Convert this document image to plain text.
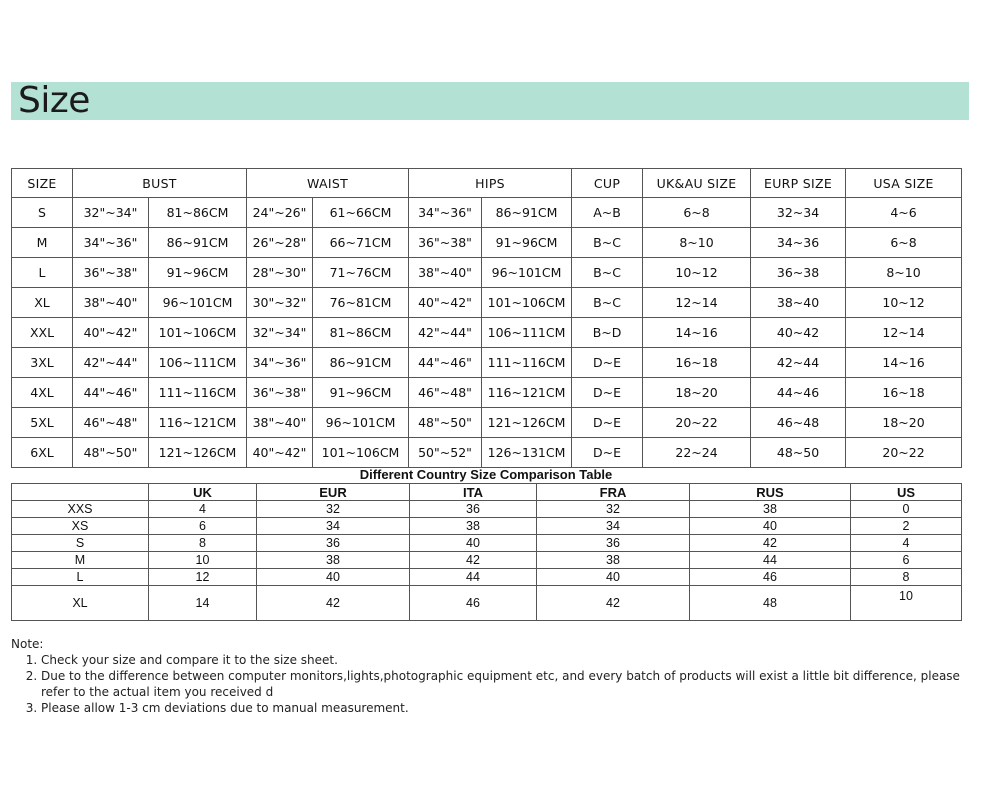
Size
SIZE	BUST		WAIST		HIPS		CUP	UK&AU SIZE	EURP SIZE	USA SIZE
S	32"~34"	81~86CM	24"~26"	61~66CM	34"~36"	86~91CM	A~B	6~8	32~34	4~6
M	34"~36"	86~91CM	26"~28"	66~71CM	36"~38"	91~96CM	B~C	8~10	34~36	6~8
L	36"~38"	91~96CM	28"~30"	71~76CM	38"~40"	96~101CM	B~C	10~12	36~38	8~10
XL	38"~40"	96~101CM	30"~32"	76~81CM	40"~42"	101~106CM	B~C	12~14	38~40	10~12
XXL	40"~42"	101~106CM	32"~34"	81~86CM	42"~44"	106~111CM	B~D	14~16	40~42	12~14
3XL	42"~44"	106~111CM	34"~36"	86~91CM	44"~46"	111~116CM	D~E	16~18	42~44	14~16
4XL	44"~46"	111~116CM	36"~38"	91~96CM	46"~48"	116~121CM	D~E	18~20	44~46	16~18
5XL	46"~48"	116~121CM	38"~40"	96~101CM	48"~50"	121~126CM	D~E	20~22	46~48	18~20
6XL	48"~50"	121~126CM	40"~42"	101~106CM	50"~52"	126~131CM	D~E	22~24	48~50	20~22
Different Country Size Comparison Table
	UK	EUR	ITA	FRA	RUS	US
XXS	4	32	36	32	38	0
XS	6	34	38	34	40	2
S	8	36	40	36	42	4
M	10	38	42	38	44	6
L	12	40	44	40	46	8
XL	14	42	46	42	48	10

Note:

1. Check your size and compare it to the size sheet.
2. Due to the difference between computer monitors,lights,photographic equipment etc, and every batch of products will exist a little bit difference, please refer to the actual item you received d
3. Please allow 1-3 cm deviations due to manual measurement.
